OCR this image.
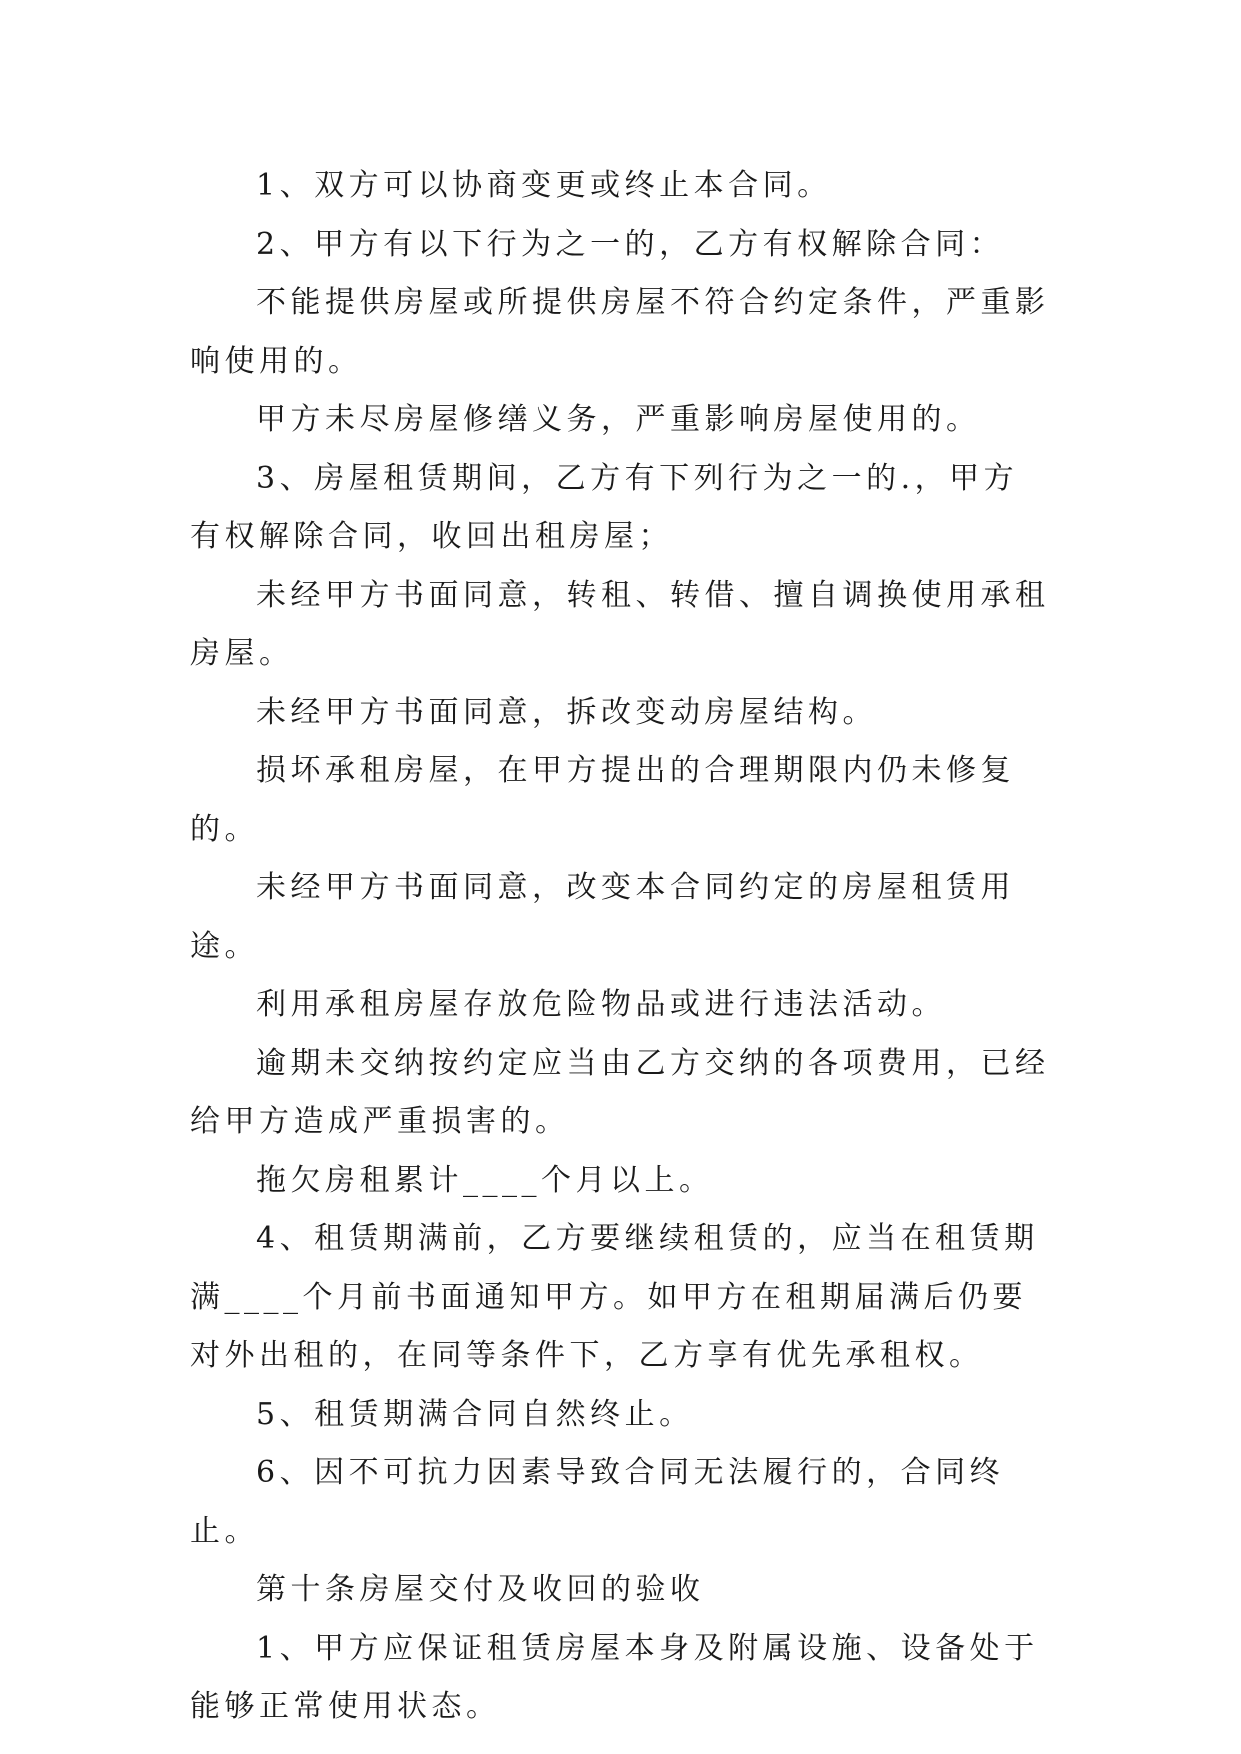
1、双方可以协商变更或终止本合同。

2、甲方有以下行为之一的，乙方有权解除合同：

不能提供房屋或所提供房屋不符合约定条件，严重影响使用的。

甲方未尽房屋修缮义务，严重影响房屋使用的。

3、房屋租赁期间，乙方有下列行为之一的.，甲方有权解除合同，收回出租房屋；

未经甲方书面同意，转租、转借、擅自调换使用承租房屋。

未经甲方书面同意，拆改变动房屋结构。

损坏承租房屋，在甲方提出的合理期限内仍未修复的。

未经甲方书面同意，改变本合同约定的房屋租赁用途。

利用承租房屋存放危险物品或进行违法活动。

逾期未交纳按约定应当由乙方交纳的各项费用，已经给甲方造成严重损害的。

拖欠房租累计____个月以上。

4、租赁期满前，乙方要继续租赁的，应当在租赁期满____个月前书面通知甲方。如甲方在租期届满后仍要对外出租的，在同等条件下，乙方享有优先承租权。

5、租赁期满合同自然终止。

6、因不可抗力因素导致合同无法履行的，合同终止。

第十条房屋交付及收回的验收

1、甲方应保证租赁房屋本身及附属设施、设备处于能够正常使用状态。
